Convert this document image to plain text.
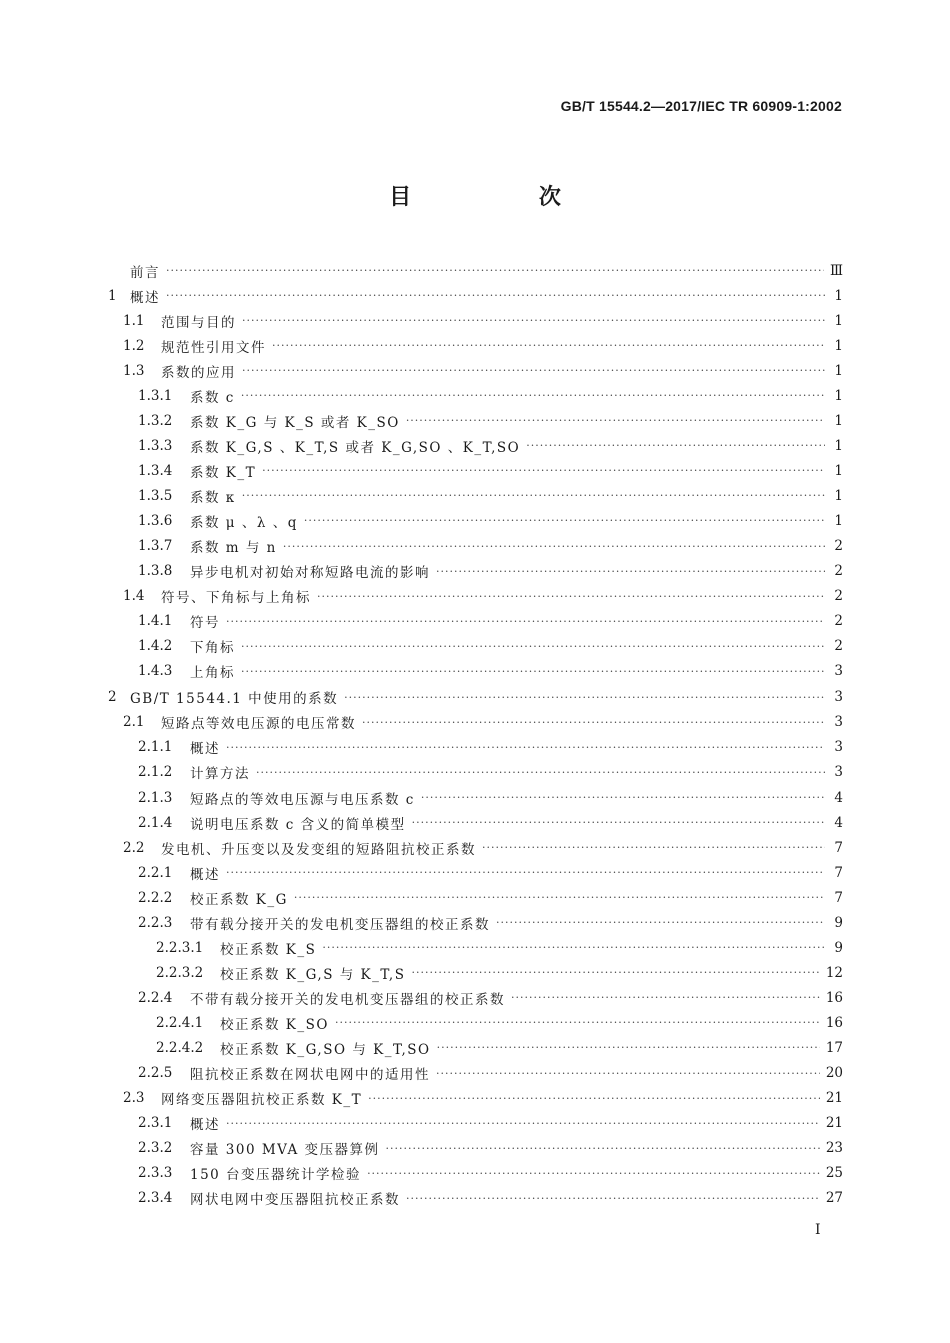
GB/T 15544.2—2017/IEC TR 60909-1:2002
目 次
前言 ·····	Ⅲ
1 概述 ·····	1
1.1	范围与目的 ·····	1
1.2	规范性引用文件 ·····	1
1.3	系数的应用 ·····	1
1.3.1	系数 c ·····	1
1.3.2	系数 K_G 与 K_S 或者 K_SO ·····	1
1.3.3	系数 K_G,S 、K_T,S 或者 K_G,SO 、K_T,SO ·····	1
1.3.4	系数 K_T ·····	1
1.3.5	系数 κ ·····	1
1.3.6	系数 μ 、λ 、q ·····	1
1.3.7	系数 m 与 n ·····	2
1.3.8	异步电机对初始对称短路电流的影响 ·····	2
1.4	符号、下角标与上角标 ·····	2
1.4.1	符号 ·····	2
1.4.2	下角标 ·····	2
1.4.3	上角标 ·····	3
2 GB/T 15544.1 中使用的系数 ·····	3
2.1	短路点等效电压源的电压常数 ·····	3
2.1.1	概述 ·····	3
2.1.2	计算方法 ·····	3
2.1.3	短路点的等效电压源与电压系数 c ·····	4
2.1.4	说明电压系数 c 含义的简单模型 ·····	4
2.2	发电机、升压变以及发变组的短路阻抗校正系数 ·····	7
2.2.1	概述 ·····	7
2.2.2	校正系数 K_G ·····	7
2.2.3	带有载分接开关的发电机变压器组的校正系数 ·····	9
2.2.3.1	校正系数 K_S ·····	9
2.2.3.2	校正系数 K_G,S 与 K_T,S ·····	12
2.2.4	不带有载分接开关的发电机变压器组的校正系数 ·····	16
2.2.4.1	校正系数 K_SO ·····	16
2.2.4.2	校正系数 K_G,SO 与 K_T,SO ·····	17
2.2.5	阻抗校正系数在网状电网中的适用性 ·····	20
2.3	网络变压器阻抗校正系数 K_T ·····	21
2.3.1	概述 ·····	21
2.3.2	容量 300 MVA 变压器算例 ·····	23
2.3.3	150 台变压器统计学检验 ·····	25
2.3.4	网状电网中变压器阻抗校正系数 ·····	27
I
